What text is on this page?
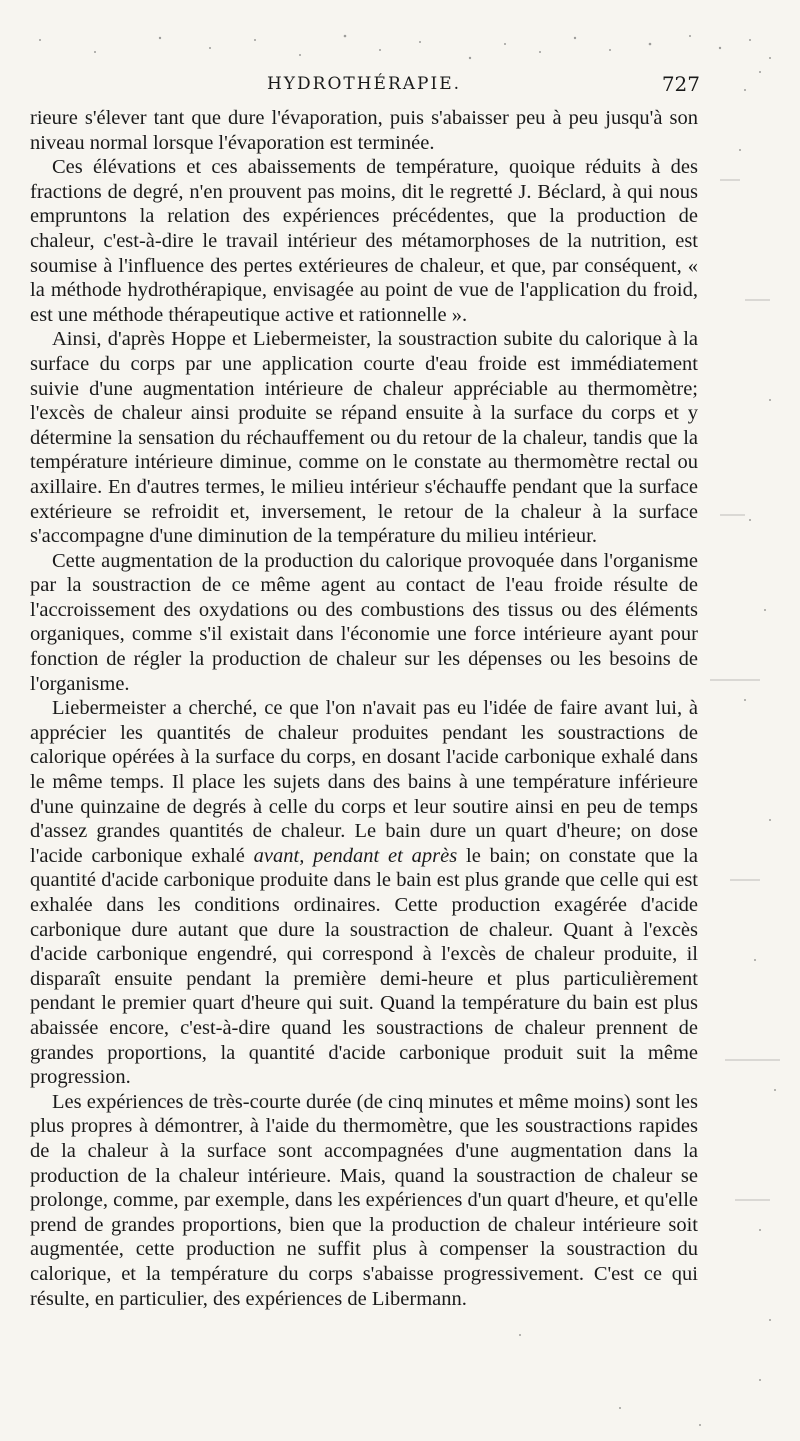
HYDROTHÉRAPIE.	727

rieure s'élever tant que dure l'évaporation, puis s'abaisser peu à peu jusqu'à son niveau normal lorsque l'évaporation est terminée.

Ces élévations et ces abaissements de température, quoique réduits à des fractions de degré, n'en prouvent pas moins, dit le regretté J. Béclard, à qui nous empruntons la relation des expériences précédentes, que la production de chaleur, c'est-à-dire le travail intérieur des métamorphoses de la nutrition, est soumise à l'influence des pertes extérieures de chaleur, et que, par conséquent, « la méthode hydrothérapique, envisagée au point de vue de l'application du froid, est une méthode thérapeutique active et rationnelle ».

Ainsi, d'après Hoppe et Liebermeister, la soustraction subite du calorique à la surface du corps par une application courte d'eau froide est immédiatement suivie d'une augmentation intérieure de chaleur appréciable au thermomètre; l'excès de chaleur ainsi produite se répand ensuite à la surface du corps et y détermine la sensation du réchauffement ou du retour de la chaleur, tandis que la température intérieure diminue, comme on le constate au thermomètre rectal ou axillaire. En d'autres termes, le milieu intérieur s'échauffe pendant que la surface extérieure se refroidit et, inversement, le retour de la chaleur à la surface s'accompagne d'une diminution de la température du milieu intérieur.

Cette augmentation de la production du calorique provoquée dans l'organisme par la soustraction de ce même agent au contact de l'eau froide résulte de l'accroissement des oxydations ou des combustions des tissus ou des éléments organiques, comme s'il existait dans l'économie une force intérieure ayant pour fonction de régler la production de chaleur sur les dépenses ou les besoins de l'organisme.

Liebermeister a cherché, ce que l'on n'avait pas eu l'idée de faire avant lui, à apprécier les quantités de chaleur produites pendant les soustractions de calorique opérées à la surface du corps, en dosant l'acide carbonique exhalé dans le même temps. Il place les sujets dans des bains à une température inférieure d'une quinzaine de degrés à celle du corps et leur soutire ainsi en peu de temps d'assez grandes quantités de chaleur. Le bain dure un quart d'heure; on dose l'acide carbonique exhalé avant, pendant et après le bain; on constate que la quantité d'acide carbonique produite dans le bain est plus grande que celle qui est exhalée dans les conditions ordinaires. Cette production exagérée d'acide carbonique dure autant que dure la soustraction de chaleur. Quant à l'excès d'acide carbonique engendré, qui correspond à l'excès de chaleur produite, il disparaît ensuite pendant la première demi-heure et plus particulièrement pendant le premier quart d'heure qui suit. Quand la température du bain est plus abaissée encore, c'est-à-dire quand les soustractions de chaleur prennent de grandes proportions, la quantité d'acide carbonique produit suit la même progression.

Les expériences de très-courte durée (de cinq minutes et même moins) sont les plus propres à démontrer, à l'aide du thermomètre, que les soustractions rapides de la chaleur à la surface sont accompagnées d'une augmentation dans la production de la chaleur intérieure. Mais, quand la soustraction de chaleur se prolonge, comme, par exemple, dans les expériences d'un quart d'heure, et qu'elle prend de grandes proportions, bien que la production de chaleur intérieure soit augmentée, cette production ne suffit plus à compenser la soustraction du calorique, et la température du corps s'abaisse progressivement. C'est ce qui résulte, en particulier, des expériences de Libermann.
